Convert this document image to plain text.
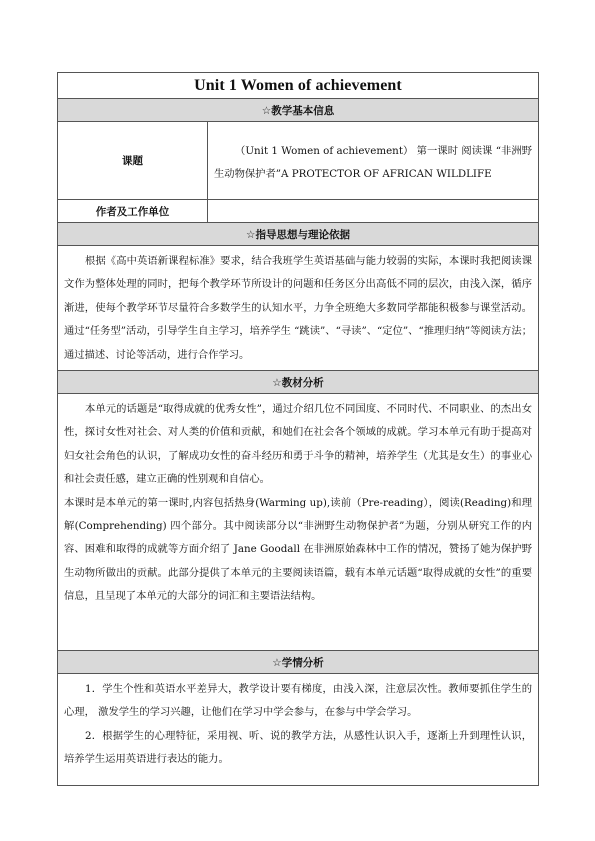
Unit 1 Women of achievement	
☆教学基本信息	
课题	（Unit 1 Women of achievement） 第一课时 阅读课 “非洲野生动物保护者”A PROTECTOR OF AFRICAN WILDLIFE

作者及工作单位	
☆指导思想与理论依据	

根据《高中英语新课程标准》要求，结合我班学生英语基础与能力较弱的实际，本课时我把阅读课文作为整体处理的同时，把每个教学环节所设计的问题和任务区分出高低不同的层次，由浅入深，循序渐进，使每个教学环节尽量符合多数学生的认知水平，力争全班绝大多数同学都能积极参与课堂活动。通过“任务型”活动，引导学生自主学习，培养学生 “跳读”、“寻读”、“定位”、“推理归纳”等阅读方法；通过描述、讨论等活动，进行合作学习。	

☆教材分析	

本单元的话题是“取得成就的优秀女性”，通过介绍几位不同国度、不同时代、不同职业、的杰出女性，探讨女性对社会、对人类的价值和贡献，和她们在社会各个领域的成就。学习本单元有助于提高对妇女社会角色的认识，了解成功女性的奋斗经历和勇于斗争的精神，培养学生（尤其是女生）的事业心和社会责任感，建立正确的性别观和自信心。

本课时是本单元的第一课时,内容包括热身(Warming up),读前（Pre-reading），阅读(Reading)和理解(Comprehending) 四个部分。其中阅读部分以“非洲野生动物保护者”为题，分别从研究工作的内容、困难和取得的成就等方面介绍了 Jane Goodall 在非洲原始森林中工作的情况，赞扬了她为保护野生动物所做出的贡献。此部分提供了本单元的主要阅读语篇，载有本单元话题“取得成就的女性”的重要信息，且呈现了本单元的大部分的词汇和主要语法结构。	

☆学情分析	

1．学生个性和英语水平差异大，教学设计要有梯度，由浅入深，注意层次性。教师要抓住学生的心理， 激发学生的学习兴趣，让他们在学习中学会参与，在参与中学会学习。

2．根据学生的心理特征，采用视、听、说的教学方法，从感性认识入手，逐渐上升到理性认识，培养学生运用英语进行表达的能力。	
